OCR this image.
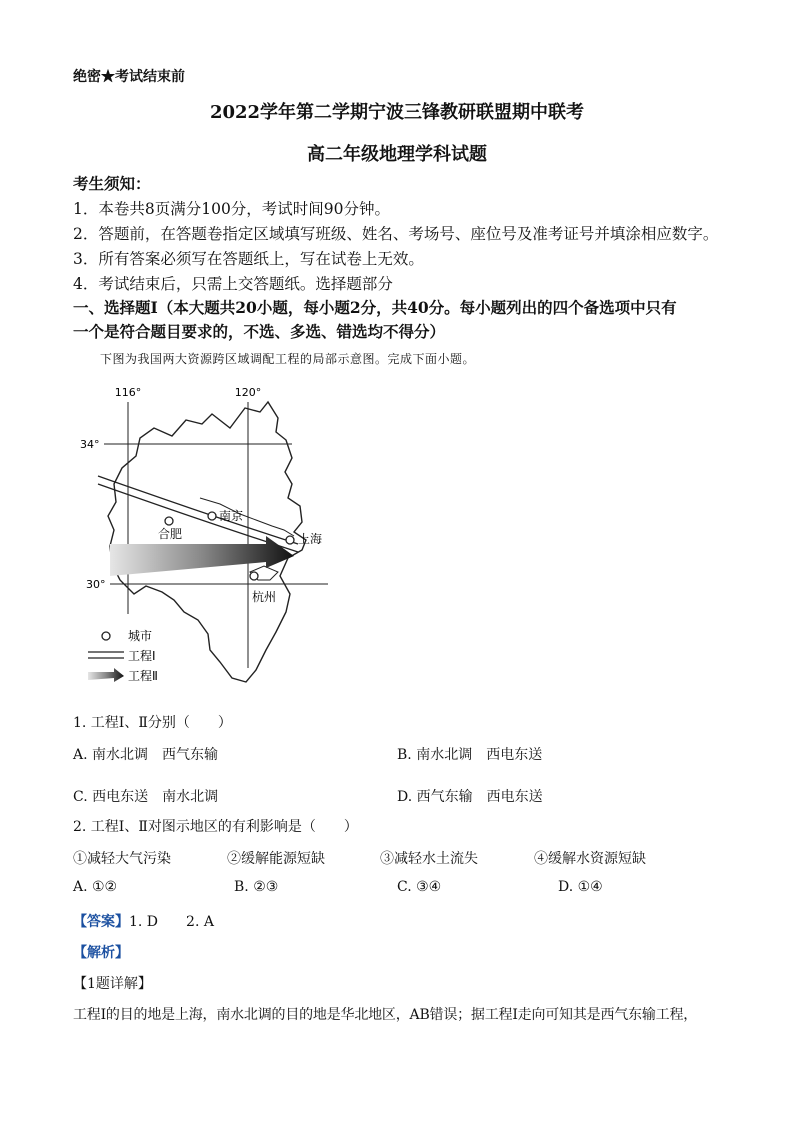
绝密★考试结束前
2022学年第二学期宁波三锋教研联盟期中联考
高二年级地理学科试题
考生须知：
1．本卷共8页满分100分，考试时间90分钟。
2．答题前，在答题卷指定区域填写班级、姓名、考场号、座位号及准考证号并填涂相应数字。
3．所有答案必须写在答题纸上，写在试卷上无效。
4．考试结束后，只需上交答题纸。选择题部分
一、选择题Ⅰ（本大题共20小题，每小题2分，共40分。每小题列出的四个备选项中只有
一个是符合题目要求的，不选、多选、错选均不得分）
下图为我国两大资源跨区域调配工程的局部示意图。完成下面小题。
116°	120°
34°
30°
南京
合肥	上海
杭州
城市
工程Ⅰ
工程Ⅱ
1. 工程Ⅰ、Ⅱ分别（　　）
A. 南水北调　西气东输	B. 南水北调　西电东送
C. 西电东送　南水北调	D. 西气东输　西电东送
2. 工程Ⅰ、Ⅱ对图示地区的有利影响是（　　）
①减轻大气污染	②缓解能源短缺	③减轻水土流失	④缓解水资源短缺
A. ①②	B. ②③	C. ③④	D. ①④
【答案】1. D　　2. A
【解析】
【1题详解】
工程Ⅰ的目的地是上海，南水北调的目的地是华北地区，AB错误；据工程Ⅰ走向可知其是西气东输工程，
